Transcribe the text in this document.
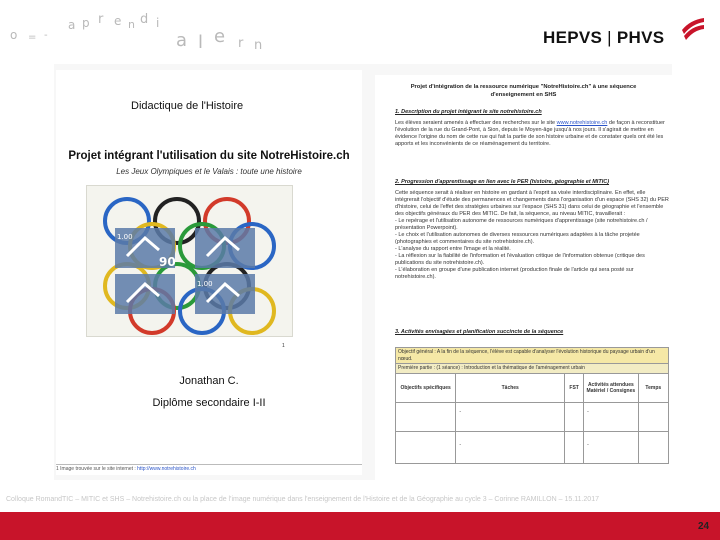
o = -
a p r e n d i
a l e r n	HEPVS | PHVS
Didactique de l'Histoire
Projet intégrant l'utilisation du site NotreHistoire.ch
Les Jeux Olympiques et le Valais : toute une histoire
1.00
1.00
90
1
Jonathan C.
Diplôme secondaire I-II
1 Image trouvée sur le site internet : http://www.notrehistoire.ch
Projet d'intégration de la ressource numérique "NotreHistoire.ch" à une séquence
d'enseignement en SHS
1. Description du projet intégrant le site notrehistoire.ch

Les élèves seraient amenés à effectuer des recherches sur le site www.notrehistoire.ch de façon à reconstituer l'évolution de la rue du Grand-Pont, à Sion, depuis le Moyen-âge jusqu'à nos jours. Il s'agirait de mettre en évidence l'origine du nom de cette rue qui fait la partie de son histoire urbaine et de constater quels ont été les apports et les inconvénients de ce réaménagement du territoire.

2. Progression d'apprentissage en lien avec le PER (histoire, géographie et MITIC)

Cette séquence serait à réaliser en histoire en gardant à l'esprit sa visée interdisciplinaire. En effet, elle intégrerait l'objectif d'étude des permanences et changements dans l'organisation d'un espace (SHS 32) du PER d'histoire, celui de l'effet des stratégies urbaines sur l'espace (SHS 31) dans celui de géographie et l'ensemble des objectifs généraux du PER des MITIC. De fait, la séquence, au niveau MITIC, travaillerait :

- Le repérage et l'utilisation autonome de ressources numériques d'apprentissage (site notrehistoire.ch / présentation Powerpoint).

- Le choix et l'utilisation autonomes de diverses ressources numériques adaptées à la tâche projetée (photographies et commentaires du site notrehistoire.ch).

- L'analyse du rapport entre l'image et la réalité.

- La réflexion sur la fiabilité de l'information et l'évaluation critique de l'information obtenue (critique des publications du site notrehistoire.ch).

- L'élaboration en groupe d'une publication internet (production finale de l'article qui sera posté sur notrehistoire.ch).

3. Activités envisagées et planification succincte de la séquence
Objectif général : A la fin de la séquence, l'élève est capable d'analyser l'évolution historique du paysage urbain d'un nœud.
Première partie : (1 séance) : Introduction et la thématique de l'aménagement urbain
Objectifs spécifiques	Tâches	FST	Activités attendues Matériel / Consignes	Temps
	-		-	
	-		-	
Colloque RomandTIC – MITIC et SHS – Notrehistoire.ch ou la place de l'image numérique dans l'enseignement de l'Histoire et de la Géographie au cycle 3 – Corinne RAMILLON – 15.11.2017
24
